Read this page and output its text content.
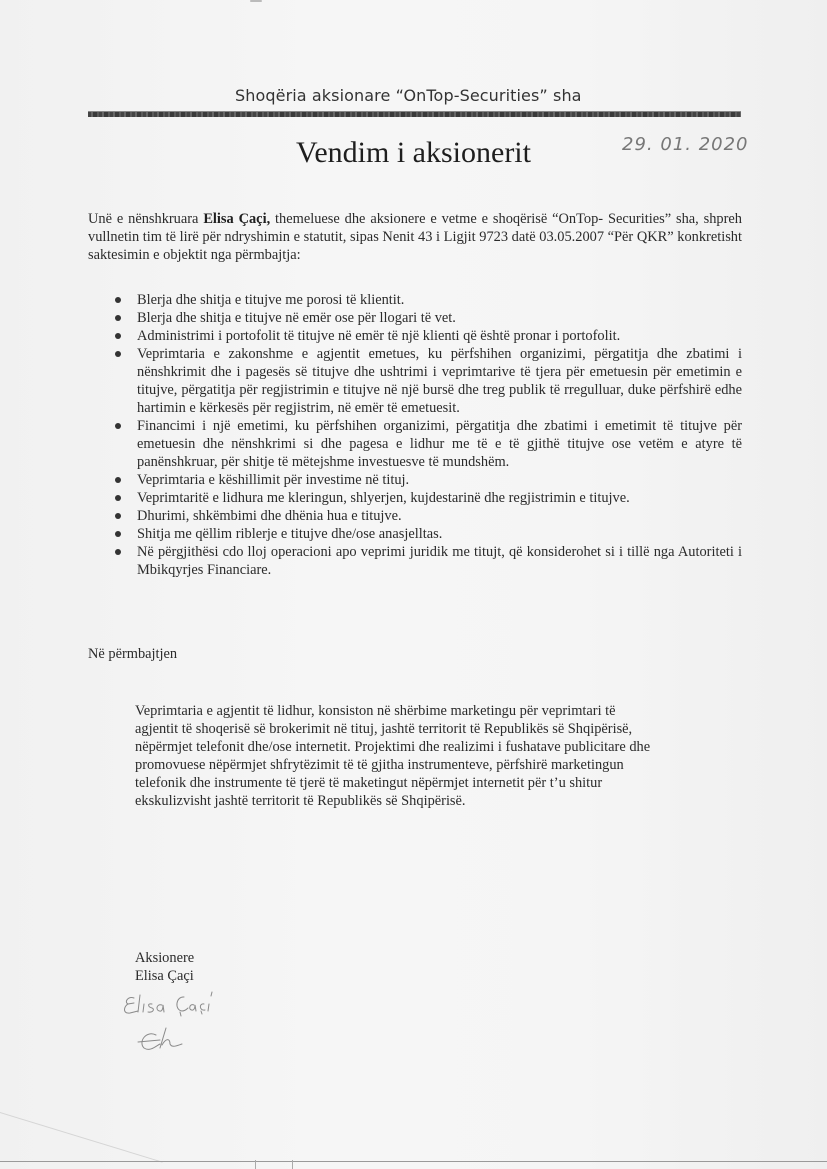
Shoqëria aksionare “OnTop-Securities” sha
Vendim i aksionerit	29. 01. 2020

Unë e nënshkruara Elisa Çaçi, themeluese dhe aksionere e vetme e shoqërisë “OnTop- Securities” sha, shpreh vullnetin tim të lirë për ndryshimin e statutit, sipas Nenit 43 i Ligjit 9723 datë 03.05.2007 “Për QKR” konkretisht saktesimin e objektit nga përmbajtja:

Blerja dhe shitja e titujve me porosi të klientit.
Blerja dhe shitja e titujve në emër ose për llogari të vet.
Administrimi i portofolit të titujve në emër të një klienti që është pronar i portofolit.
Veprimtaria e zakonshme e agjentit emetues, ku përfshihen organizimi, përgatitja dhe zbatimi i nënshkrimit dhe i pagesës së titujve dhe ushtrimi i veprimtarive të tjera për emetuesin për emetimin e titujve, përgatitja për regjistrimin e titujve në një bursë dhe treg publik të rregulluar, duke përfshirë edhe hartimin e kërkesës për regjistrim, në emër të emetuesit.
Financimi i një emetimi, ku përfshihen organizimi, përgatitja dhe zbatimi i emetimit të titujve për emetuesin dhe nënshkrimi si dhe pagesa e lidhur me të e të gjithë titujve ose vetëm e atyre të panënshkruar, për shitje të mëtejshme investuesve të mundshëm.
Veprimtaria e këshillimit për investime në tituj.
Veprimtaritë e lidhura me kleringun, shlyerjen, kujdestarinë dhe regjistrimin e titujve.
Dhurimi, shkëmbimi dhe dhënia hua e titujve.
Shitja me qëllim riblerje e titujve dhe/ose anasjelltas.
Në përgjithësi cdo lloj operacioni apo veprimi juridik me titujt, që konsiderohet si i tillë nga Autoriteti i Mbikqyrjes Financiare.
Në përmbajtjen
Veprimtaria e agjentit të lidhur, konsiston në shërbime marketingu për veprimtari të
agjentit të shoqerisë së brokerimit në tituj, jashtë territorit të Republikës së Shqipërisë,
nëpërmjet telefonit dhe/ose internetit. Projektimi dhe realizimi i fushatave publicitare dhe
promovuese nëpërmjet shfrytëzimit të të gjitha instrumenteve, përfshirë marketingun
telefonik dhe instrumente të tjerë të maketingut nëpërmjet internetit për t’u shitur
ekskulizvisht jashtë territorit të Republikës së Shqipërisë.
Aksionere
Elisa Çaçi
